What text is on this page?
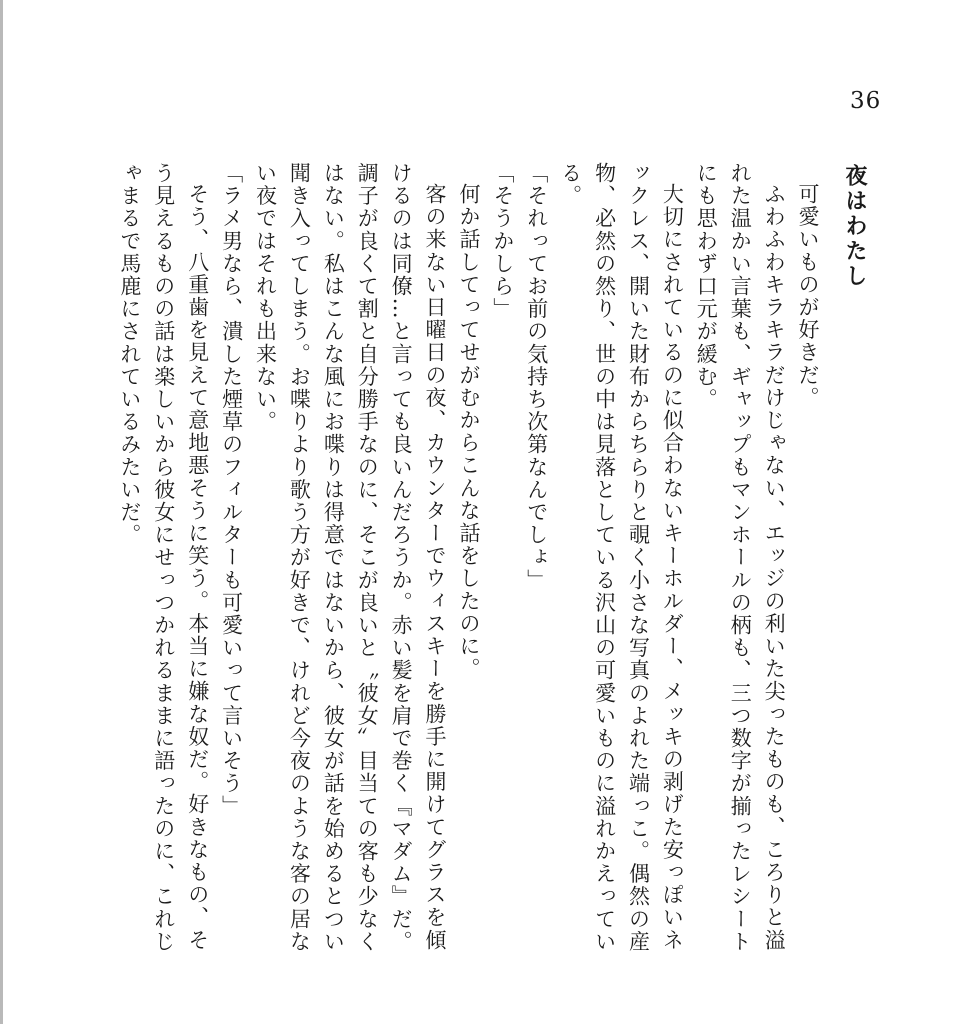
36
夜はわたし

可愛いものが好きだ。

ふわふわキラキラだけじゃない、エッジの利いた尖ったものも、ころりと溢れた温かい言葉も、ギャップもマンホールの柄も、三つ数字が揃ったレシートにも思わず口元が緩む。

大切にされているのに似合わないキーホルダー、メッキの剥げた安っぽいネックレス、開いた財布からちらりと覗く小さな写真のよれた端っこ。偶然の産物、必然の然り、世の中は見落としている沢山の可愛いものに溢れかえっている。

「それってお前の気持ち次第なんでしょ」

「そうかしら」

何か話してってせがむからこんな話をしたのに。

客の来ない日曜日の夜、カウンターでウィスキーを勝手に開けてグラスを傾けるのは同僚…と言っても良いんだろうか。赤い髪を肩で巻く『マダム』だ。調子が良くて割と自分勝手なのに、そこが良いと〝彼女〟目当ての客も少なくはない。私はこんな風にお喋りは得意ではないから、彼女が話を始めるとつい聞き入ってしまう。お喋りより歌う方が好きで、けれど今夜のような客の居ない夜ではそれも出来ない。

「ラメ男なら、潰した煙草のフィルターも可愛いって言いそう」

そう、八重歯を見えて意地悪そうに笑う。本当に嫌な奴だ。好きなもの、そう見えるものの話は楽しいから彼女にせっつかれるままに語ったのに、これじゃまるで馬鹿にされているみたいだ。
